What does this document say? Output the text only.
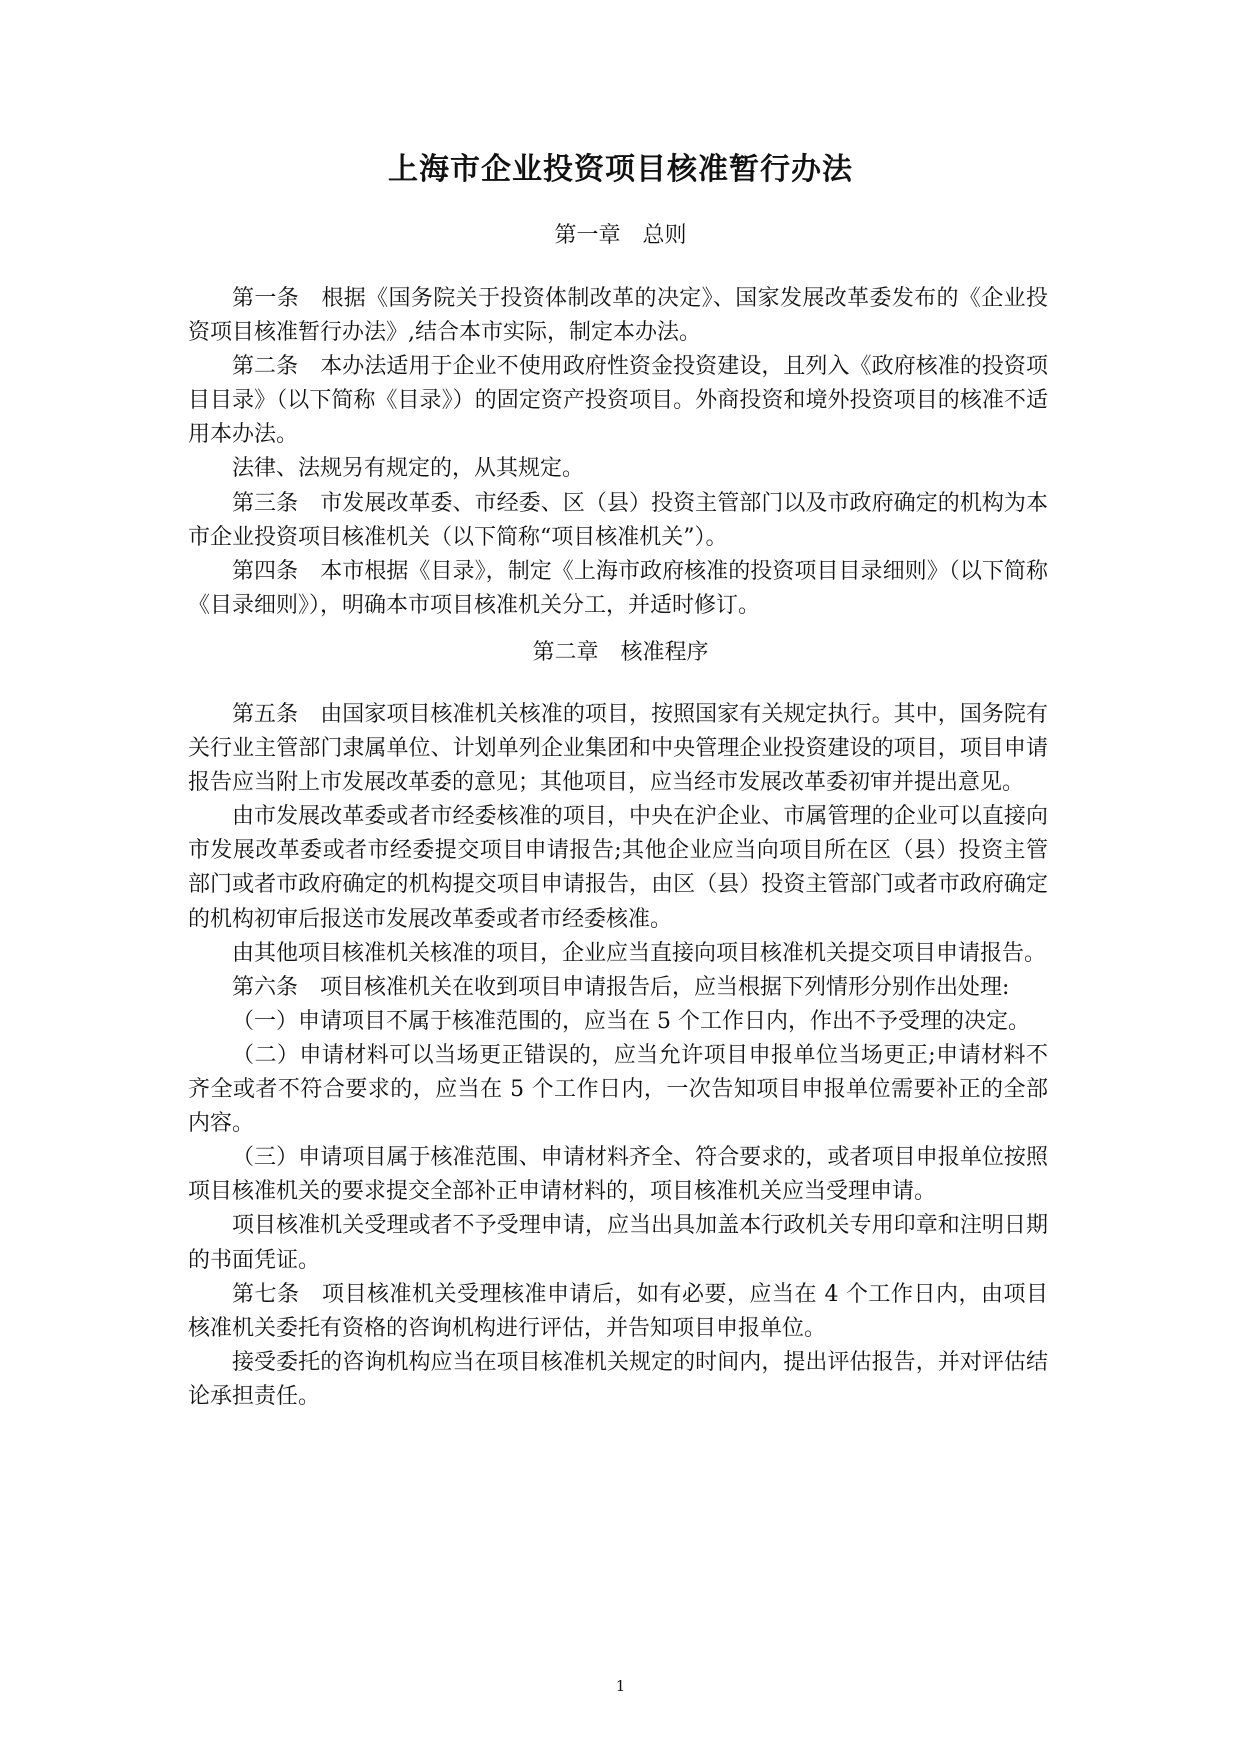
上海市企业投资项目核准暂行办法
第一章　总则

第一条　根据《国务院关于投资体制改革的决定》、国家发展改革委发布的《企业投资项目核准暂行办法》,结合本市实际，制定本办法。

第二条　本办法适用于企业不使用政府性资金投资建设，且列入《政府核准的投资项目目录》（以下简称《目录》）的固定资产投资项目。外商投资和境外投资项目的核准不适用本办法。

法律、法规另有规定的，从其规定。

第三条　市发展改革委、市经委、区（县）投资主管部门以及市政府确定的机构为本市企业投资项目核准机关（以下简称“项目核准机关”）。

第四条　本市根据《目录》，制定《上海市政府核准的投资项目目录细则》（以下简称《目录细则》），明确本市项目核准机关分工，并适时修订。

第二章　核准程序

第五条　由国家项目核准机关核准的项目，按照国家有关规定执行。其中，国务院有关行业主管部门隶属单位、计划单列企业集团和中央管理企业投资建设的项目，项目申请报告应当附上市发展改革委的意见；其他项目，应当经市发展改革委初审并提出意见。

由市发展改革委或者市经委核准的项目，中央在沪企业、市属管理的企业可以直接向市发展改革委或者市经委提交项目申请报告;其他企业应当向项目所在区（县）投资主管部门或者市政府确定的机构提交项目申请报告，由区（县）投资主管部门或者市政府确定的机构初审后报送市发展改革委或者市经委核准。

由其他项目核准机关核准的项目，企业应当直接向项目核准机关提交项目申请报告。

第六条　项目核准机关在收到项目申请报告后，应当根据下列情形分别作出处理:

（一）申请项目不属于核准范围的，应当在 5 个工作日内，作出不予受理的决定。

（二）申请材料可以当场更正错误的，应当允许项目申报单位当场更正;申请材料不齐全或者不符合要求的，应当在 5 个工作日内，一次告知项目申报单位需要补正的全部内容。

（三）申请项目属于核准范围、申请材料齐全、符合要求的，或者项目申报单位按照项目核准机关的要求提交全部补正申请材料的，项目核准机关应当受理申请。

项目核准机关受理或者不予受理申请，应当出具加盖本行政机关专用印章和注明日期的书面凭证。

第七条　项目核准机关受理核准申请后，如有必要，应当在 4 个工作日内，由项目核准机关委托有资格的咨询机构进行评估，并告知项目申报单位。

接受委托的咨询机构应当在项目核准机关规定的时间内，提出评估报告，并对评估结论承担责任。

1
